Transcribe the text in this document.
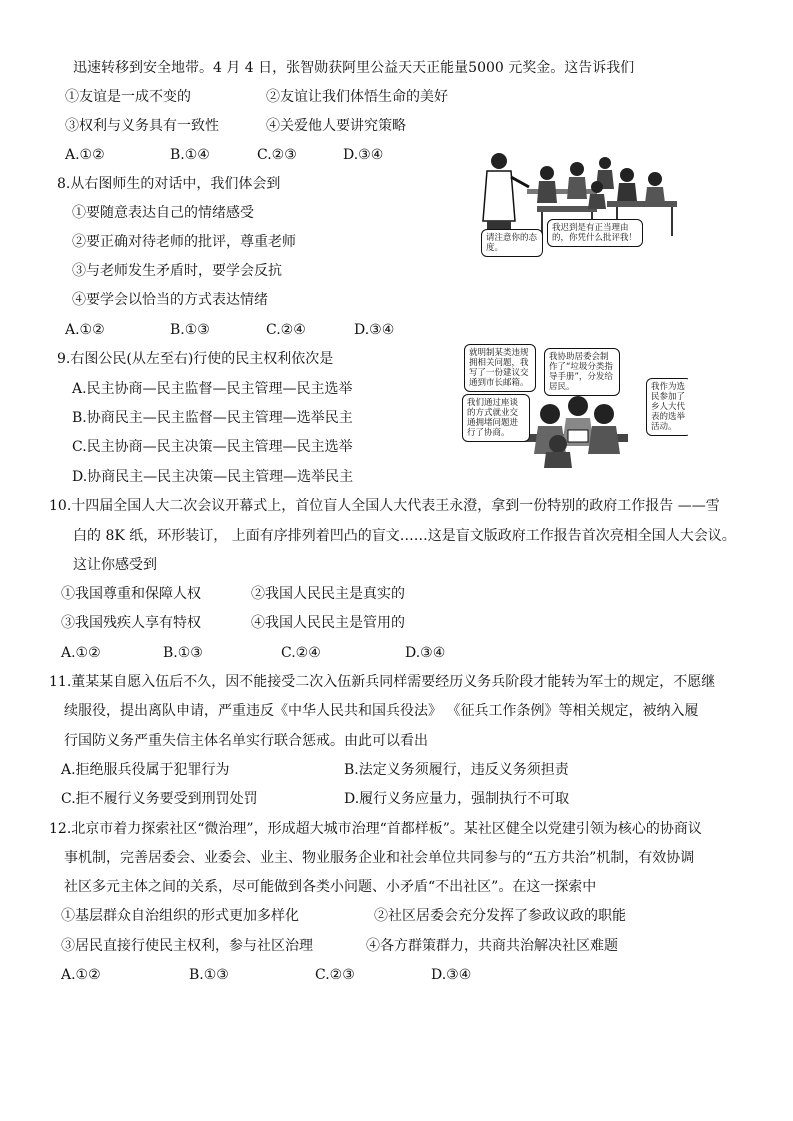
迅速转移到安全地带。4 月 4 日，张智勋获阿里公益天天正能量5000 元奖金。这告诉我们
①友谊是一成不变的	②友谊让我们体悟生命的美好
③权利与义务具有一致性	④关爱他人要讲究策略
A.①②	B.①④	C.②③	D.③④
8.从右图师生的对话中，我们体会到
①要随意表达自己的情绪感受
②要正确对待老师的批评，尊重老师
③与老师发生矛盾时，要学会反抗
④要学会以恰当的方式表达情绪
A.①②	B.①③	C.②④	D.③④
请注意你的态度。
我迟到是有正当理由的，你凭什么批评我！
9.右图公民(从左至右)行使的民主权利依次是
A.民主协商—民主监督—民主管理—民主选举
B.协商民主—民主监督—民主管理—选举民主
C.民主协商—民主决策—民主管理—民主选举
D.协商民主—民主决策—民主管理—选举民主
就明制某类违规拥相关问题，我写了一份建议交通到市长邮箱。
我协助居委会制作了“垃圾分类指导手册”，分发给居民。
我们通过座谈的方式就业交通拥堵问题进行了协商。
我作为选民参加了乡人大代表的选举活动。
10.十四届全国人大二次会议开幕式上，首位盲人全国人大代表王永澄，拿到一份特别的政府工作报告 ——雪
白的 8K 纸，环形装订， 上面有序排列着凹凸的盲文……这是盲文版政府工作报告首次亮相全国人大会议。
这让你感受到
①我国尊重和保障人权	②我国人民民主是真实的
③我国残疾人享有特权	④我国人民民主是管用的
A.①②	B.①③	C.②④	D.③④
11.董某某自愿入伍后不久，因不能接受二次入伍新兵同样需要经历义务兵阶段才能转为军士的规定，不愿继
续服役，提出离队申请，严重违反《中华人民共和国兵役法》 《征兵工作条例》等相关规定，被纳入履
行国防义务严重失信主体名单实行联合惩戒。由此可以看出
A.拒绝服兵役属于犯罪行为	B.法定义务须履行，违反义务须担责
C.拒不履行义务要受到刑罚处罚	D.履行义务应量力，强制执行不可取
12.北京市着力探索社区“微治理”，形成超大城市治理“首都样板”。某社区健全以党建引领为核心的协商议
事机制，完善居委会、业委会、业主、物业服务企业和社会单位共同参与的“五方共治”机制，有效协调
社区多元主体之间的关系，尽可能做到各类小问题、小矛盾“不出社区”。在这一探索中
①基层群众自治组织的形式更加多样化	②社区居委会充分发挥了参政议政的职能
③居民直接行使民主权利，参与社区治理	④各方群策群力，共商共治解决社区难题
A.①②	B.①③	C.②③	D.③④
